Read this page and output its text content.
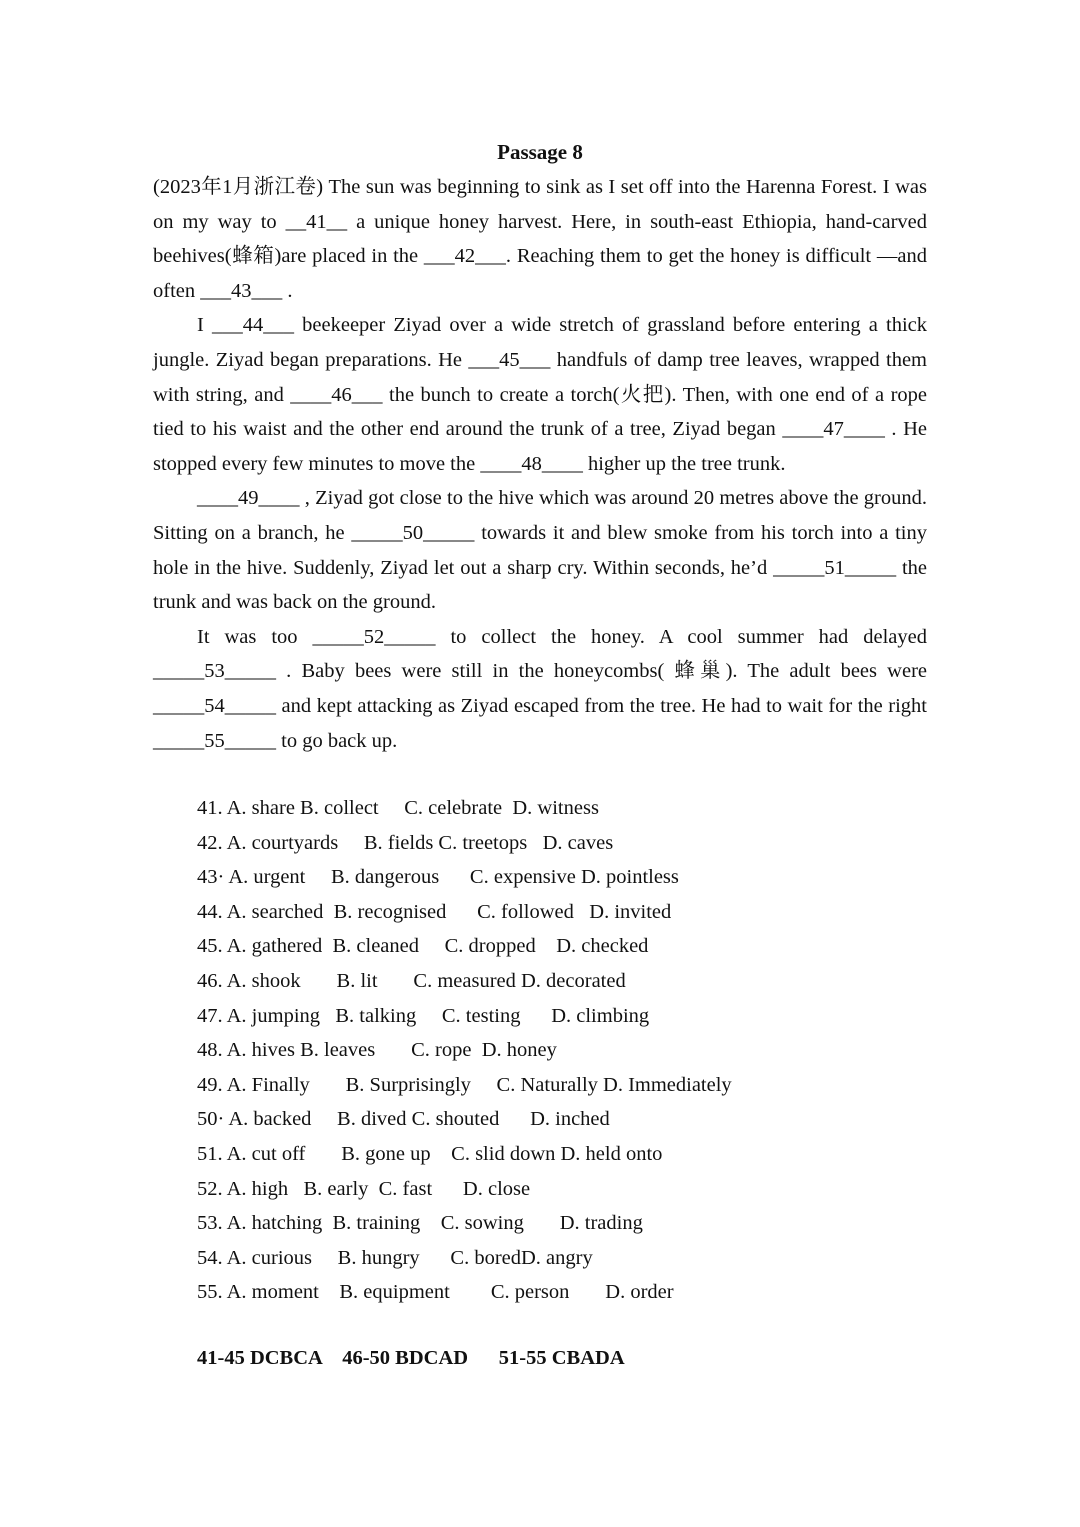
Passage 8

(2023年1月浙江卷) The sun was beginning to sink as I set off into the Harenna Forest. I was on my way to __41__ a unique honey harvest. Here, in south-east Ethiopia, hand-carved beehives(蜂箱)are placed in the ___42___. Reaching them to get the honey is difficult —and often ___43___ .

I ___44___ beekeeper Ziyad over a wide stretch of grassland before entering a thick jungle. Ziyad began preparations. He ___45___ handfuls of damp tree leaves, wrapped them with string, and ____46___ the bunch to create a torch(火把). Then, with one end of a rope tied to his waist and the other end around the trunk of a tree, Ziyad began ____47____ . He stopped every few minutes to move the ____48____ higher up the tree trunk.

____49____ , Ziyad got close to the hive which was around 20 metres above the ground. Sitting on a branch, he _____50_____ towards it and blew smoke from his torch into a tiny hole in the hive. Suddenly, Ziyad let out a sharp cry. Within seconds, he’d _____51_____ the trunk and was back on the ground.

It was too _____52_____ to collect the honey. A cool summer had delayed _____53_____ . Baby bees were still in the honeycombs( 蜂巢). The adult bees were _____54_____ and kept attacking as Ziyad escaped from the tree. He had to wait for the right _____55_____ to go back up.

41. A. share B. collect     C. celebrate  D. witness
42. A. courtyards     B. fields C. treetops   D. caves
43· A. urgent     B. dangerous      C. expensive D. pointless
44. A. searched  B. recognised      C. followed   D. invited
45. A. gathered  B. cleaned     C. dropped    D. checked
46. A. shook       B. lit       C. measured D. decorated
47. A. jumping   B. talking     C. testing      D. climbing
48. A. hives B. leaves       C. rope  D. honey
49. A. Finally       B. Surprisingly     C. Naturally D. Immediately
50· A. backed     B. dived C. shouted      D. inched
51. A. cut off       B. gone up    C. slid down D. held onto
52. A. high   B. early  C. fast      D. close
53. A. hatching  B. training    C. sowing       D. trading
54. A. curious     B. hungry      C. boredD. angry
55. A. moment    B. equipment        C. person       D. order
41-45 DCBCA    46-50 BDCAD      51-55 CBADA
